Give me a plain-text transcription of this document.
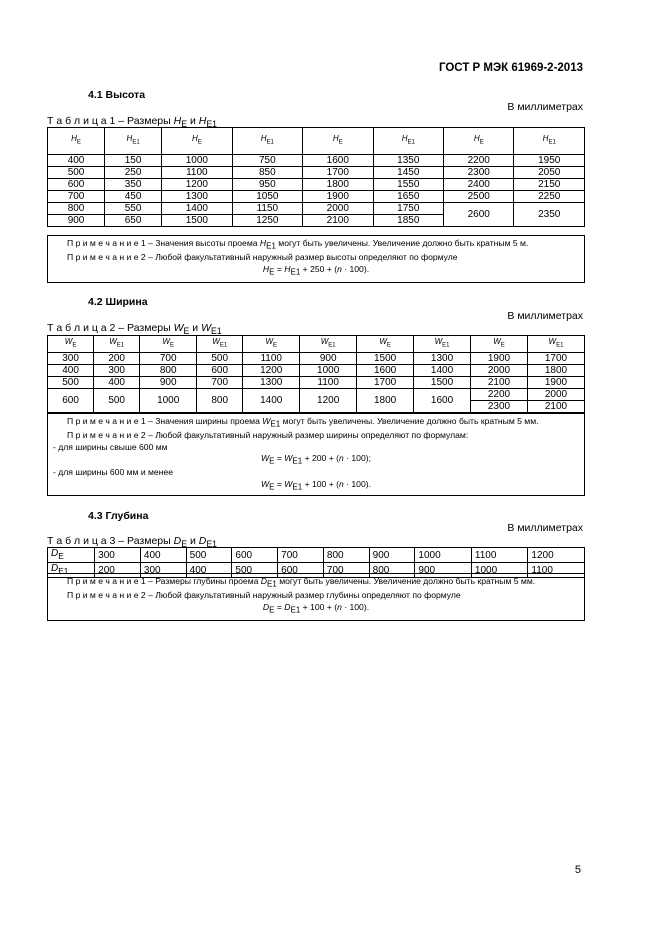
ГОСТ Р МЭК 61969-2-2013
4.1 Высота
В миллиметрах
Т а б л и ц а 1 – Размеры $H_E$ и $H_{E1}$
$H_E$	$H_{E1}$	$H_E$	$H_{E1}$	$H_E$	$H_{E1}$	$H_E$	$H_{E1}$
400	150	1000	750	1600	1350	2200	1950
500	250	1100	850	1700	1450	2300	2050
600	350	1200	950	1800	1550	2400	2150
700	450	1300	1050	1900	1650	2500	2250
800	550	1400	1150	2000	1750	2600	2350
900	650	1500	1250	2100	1850		

П р и м е ч а н и е 1 – Значения высоты проема $H_{E1}$ могут быть увеличены. Увеличение должно быть кратным 5 м.

П р и м е ч а н и е 2 – Любой факультативный наружный размер высоты определяют по формуле

$H_E = H_{E1} + 250 + (n \cdot 100)$.

4.2 Ширина
В миллиметрах
Т а б л и ц а 2 – Размеры $W_E$ и $W_{E1}$
$W_E$	$W_{E1}$	$W_E$	$W_{E1}$	$W_E$	$W_{E1}$	$W_E$	$W_{E1}$	$W_E$	$W_{E1}$
300	200	700	500	1100	900	1500	1300	1900	1700
400	300	800	600	1200	1000	1600	1400	2000	1800
500	400	900	700	1300	1100	1700	1500	2100	1900
600	500	1000	800	1400	1200	1800	1600	2200	2000
								2300	2100

П р и м е ч а н и е 1 – Значения ширины проема $W_{E1}$ могут быть увеличены. Увеличение должно быть кратным 5 мм.

П р и м е ч а н и е 2 – Любой факультативный наружный размер ширины определяют по формулам:

- для ширины свыше 600 мм

$W_E = W_{E1} + 200 + (n \cdot 100)$;

- для ширины 600 мм и менее

$W_E = W_{E1} + 100 + (n \cdot 100)$.

4.3 Глубина
В миллиметрах
Т а б л и ц а 3 – Размеры $D_E$ и $D_{E1}$
$D_E$	300	400	500	600	700	800	900	1000	1100	1200
$D_{E1}$	200	300	400	500	600	700	800	900	1000	1100

П р и м е ч а н и е 1 – Размеры глубины проема $D_{E1}$ могут быть увеличены. Увеличение должно быть кратным 5 мм.

П р и м е ч а н и е 2 – Любой факультативный наружный размер глубины определяют по формуле

$D_E = D_{E1} + 100 + (n \cdot 100)$.

5
